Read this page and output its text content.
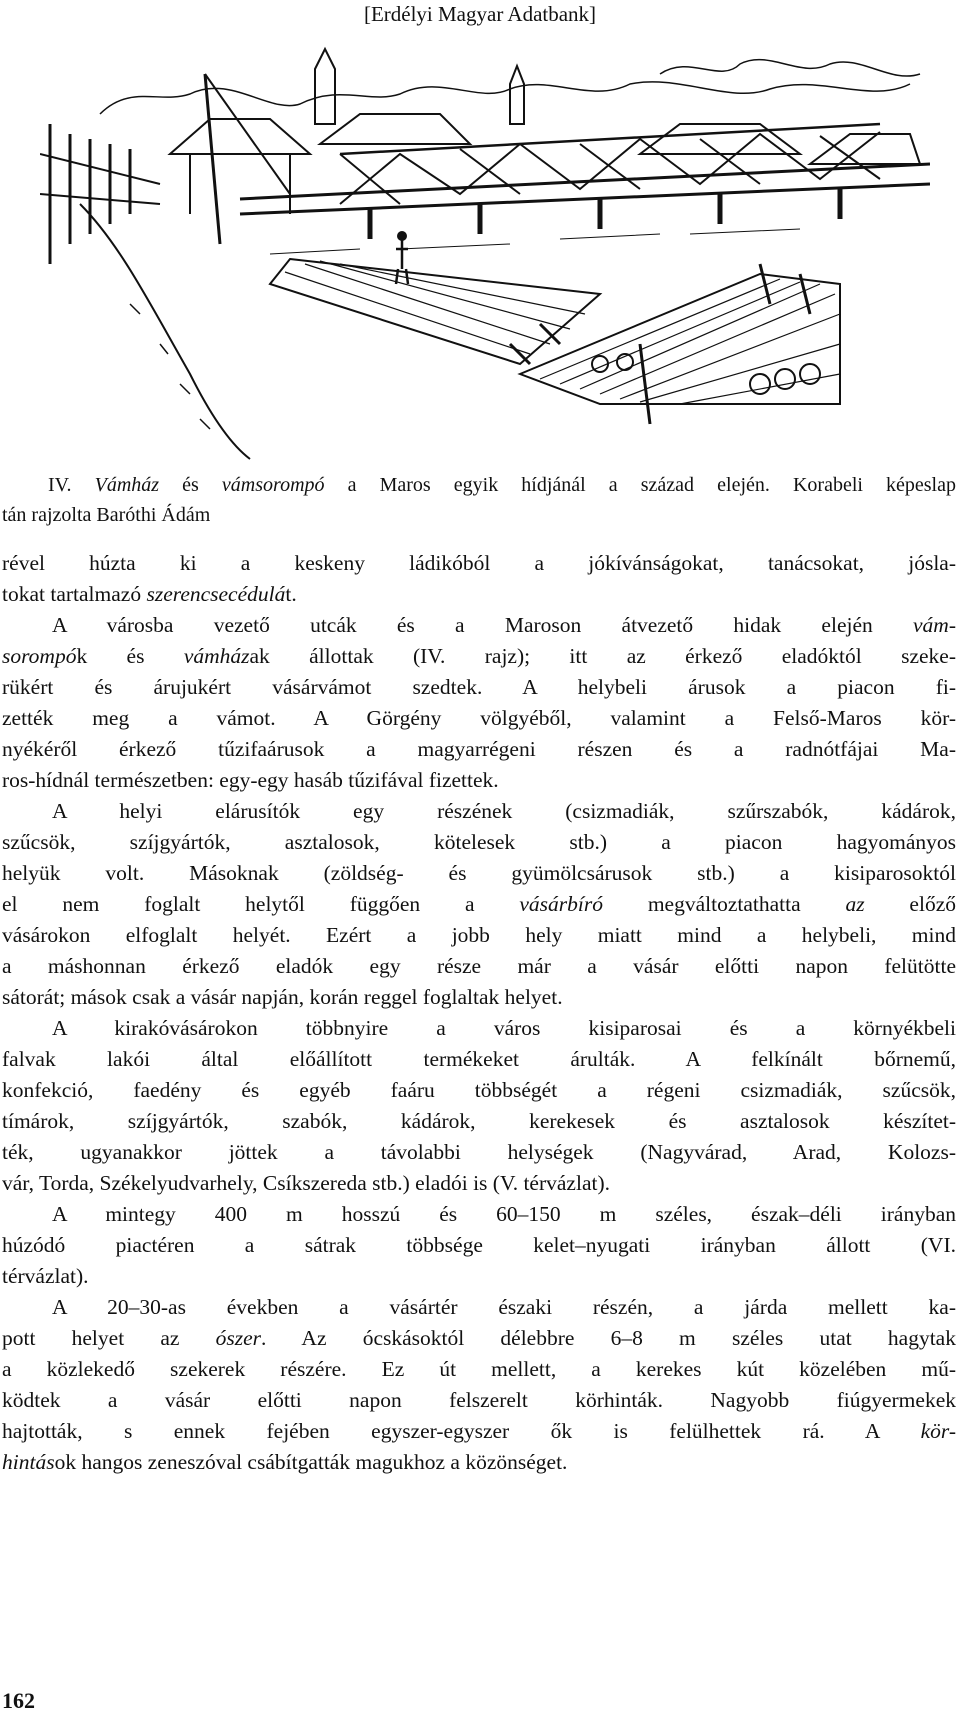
[Erdélyi Magyar Adatbank]
IV. Vámház és vámsorompó a Maros egyik hídjánál a század elején. Korabeli képeslap
tán rajzolta Baróthi Ádám

rével húzta ki a keskeny ládikóból a jókívánságokat, tanácsokat, jósla-
tokat tartalmazó szerencsecédulát.

A városba vezető utcák és a Maroson átvezető hidak elején vám-
sorompók és vámházak állottak (IV. rajz); itt az érkező eladóktól szeke-
rükért és árujukért vásárvámot szedtek. A helybeli árusok a piacon fi-
zették meg a vámot. A Görgény völgyéből, valamint a Felső-Maros kör-
nyékéről érkező tűzifaárusok a magyarrégeni részen és a radnótfájai Ma-
ros-hídnál természetben: egy-egy hasáb tűzifával fizettek.

A helyi elárusítók egy részének (csizmadiák, szűrszabók, kádárok,
szűcsök, szíjgyártók, asztalosok, kötelesek stb.) a piacon hagyományos
helyük volt. Másoknak (zöldség- és gyümölcsárusok stb.) a kisiparosoktól
el nem foglalt helytől függően a vásárbíró megváltoztathatta az előző
vásárokon elfoglalt helyét. Ezért a jobb hely miatt mind a helybeli, mind
a máshonnan érkező eladók egy része már a vásár előtti napon felütötte
sátorát; mások csak a vásár napján, korán reggel foglaltak helyet.

A kirakóvásárokon többnyire a város kisiparosai és a környékbeli
falvak lakói által előállított termékeket árulták. A felkínált bőrnemű,
konfekció, faedény és egyéb faáru többségét a régeni csizmadiák, szűcsök,
tímárok, szíjgyártók, szabók, kádárok, kerekesek és asztalosok készítet-
ték, ugyanakkor jöttek a távolabbi helységek (Nagyvárad, Arad, Kolozs-
vár, Torda, Székelyudvarhely, Csíkszereda stb.) eladói is (V. térvázlat).

A mintegy 400 m hosszú és 60–150 m széles, észak–déli irányban
húzódó piactéren a sátrak többsége kelet–nyugati irányban állott (VI.
térvázlat).

A 20–30-as években a vásártér északi részén, a járda mellett ka-
pott helyet az ószer. Az ócskásoktól délebbre 6–8 m széles utat hagytak
a közlekedő szekerek részére. Ez út mellett, a kerekes kút közelében mű-
ködtek a vásár előtti napon felszerelt körhinták. Nagyobb fiúgyermekek
hajtották, s ennek fejében egyszer-egyszer ők is felülhettek rá. A kör-
hintások hangos zeneszóval csábítgatták magukhoz a közönséget.

162
